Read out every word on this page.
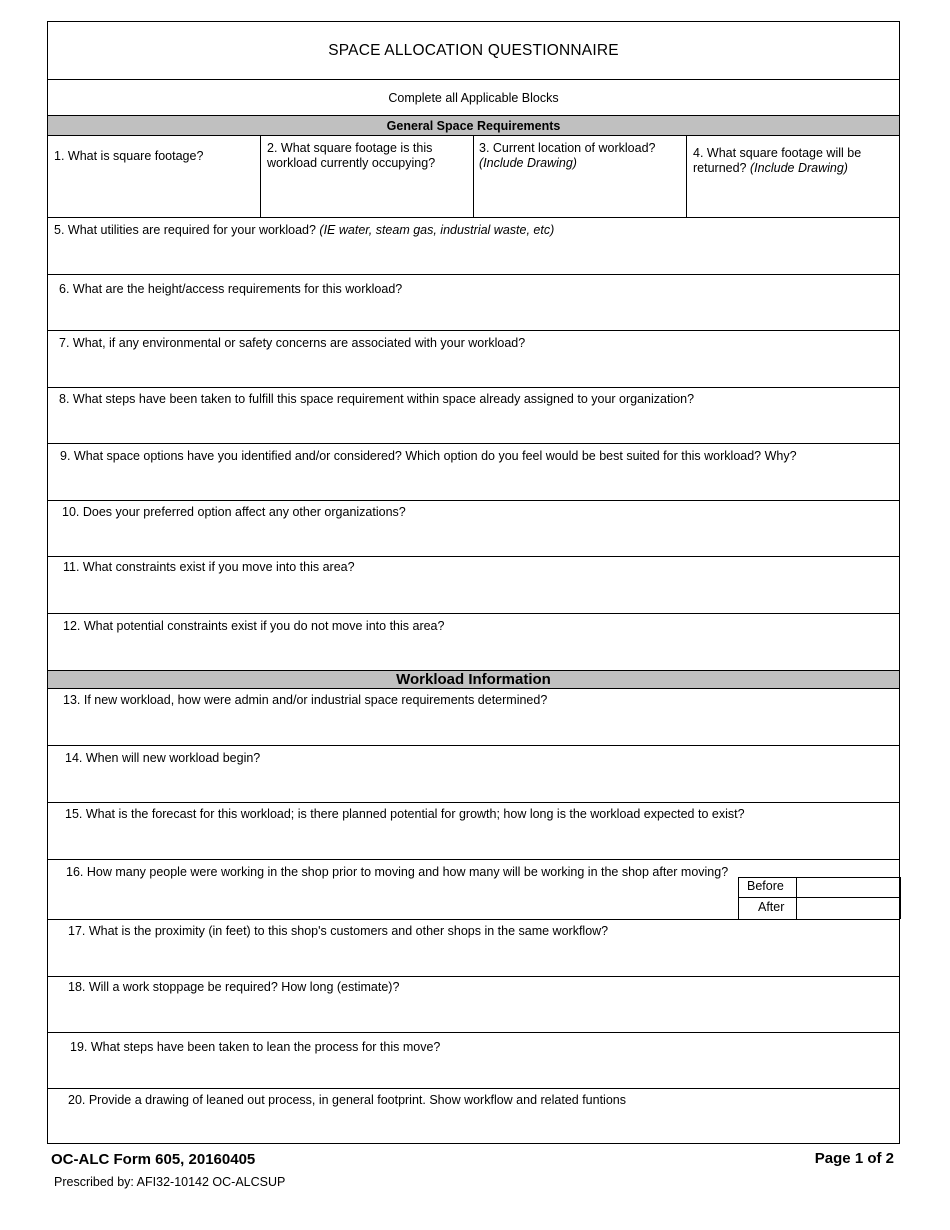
SPACE ALLOCATION QUESTIONNAIRE
Complete all Applicable Blocks
General Space Requirements
1. What is square footage?
2. What square footage is this workload currently occupying?
3. Current location of workload?
(Include Drawing)
4. What square footage will be returned? (Include Drawing)
5. What utilities are required for your workload? (IE water, steam gas, industrial waste, etc)
6. What are the height/access requirements for this workload?
7. What, if any environmental or safety concerns are associated with your workload?
8. What steps have been taken to fulfill this space requirement within space already assigned to your organization?
9. What space options have you identified and/or considered? Which option do you feel would be best suited for this workload? Why?
10. Does your preferred option affect any other organizations?
11. What constraints exist if you move into this area?
12. What potential constraints exist if you do not move into this area?
Workload Information
13. If new workload, how were admin and/or industrial space requirements determined?
14. When will new workload begin?
15. What is the forecast for this workload; is there planned potential for growth; how long is the workload expected to exist?
16. How many people were working in the shop prior to moving and how many will be working in the shop after moving?
Before
After
17. What is the proximity (in feet) to this shop's customers and other shops in the same workflow?
18. Will a work stoppage be required? How long (estimate)?
19. What steps have been taken to lean the process for this move?
20. Provide a drawing of leaned out process, in general footprint. Show workflow and related funtions
OC-ALC Form 605, 20160405	Page 1 of 2
Prescribed by: AFI32-10142 OC-ALCSUP
